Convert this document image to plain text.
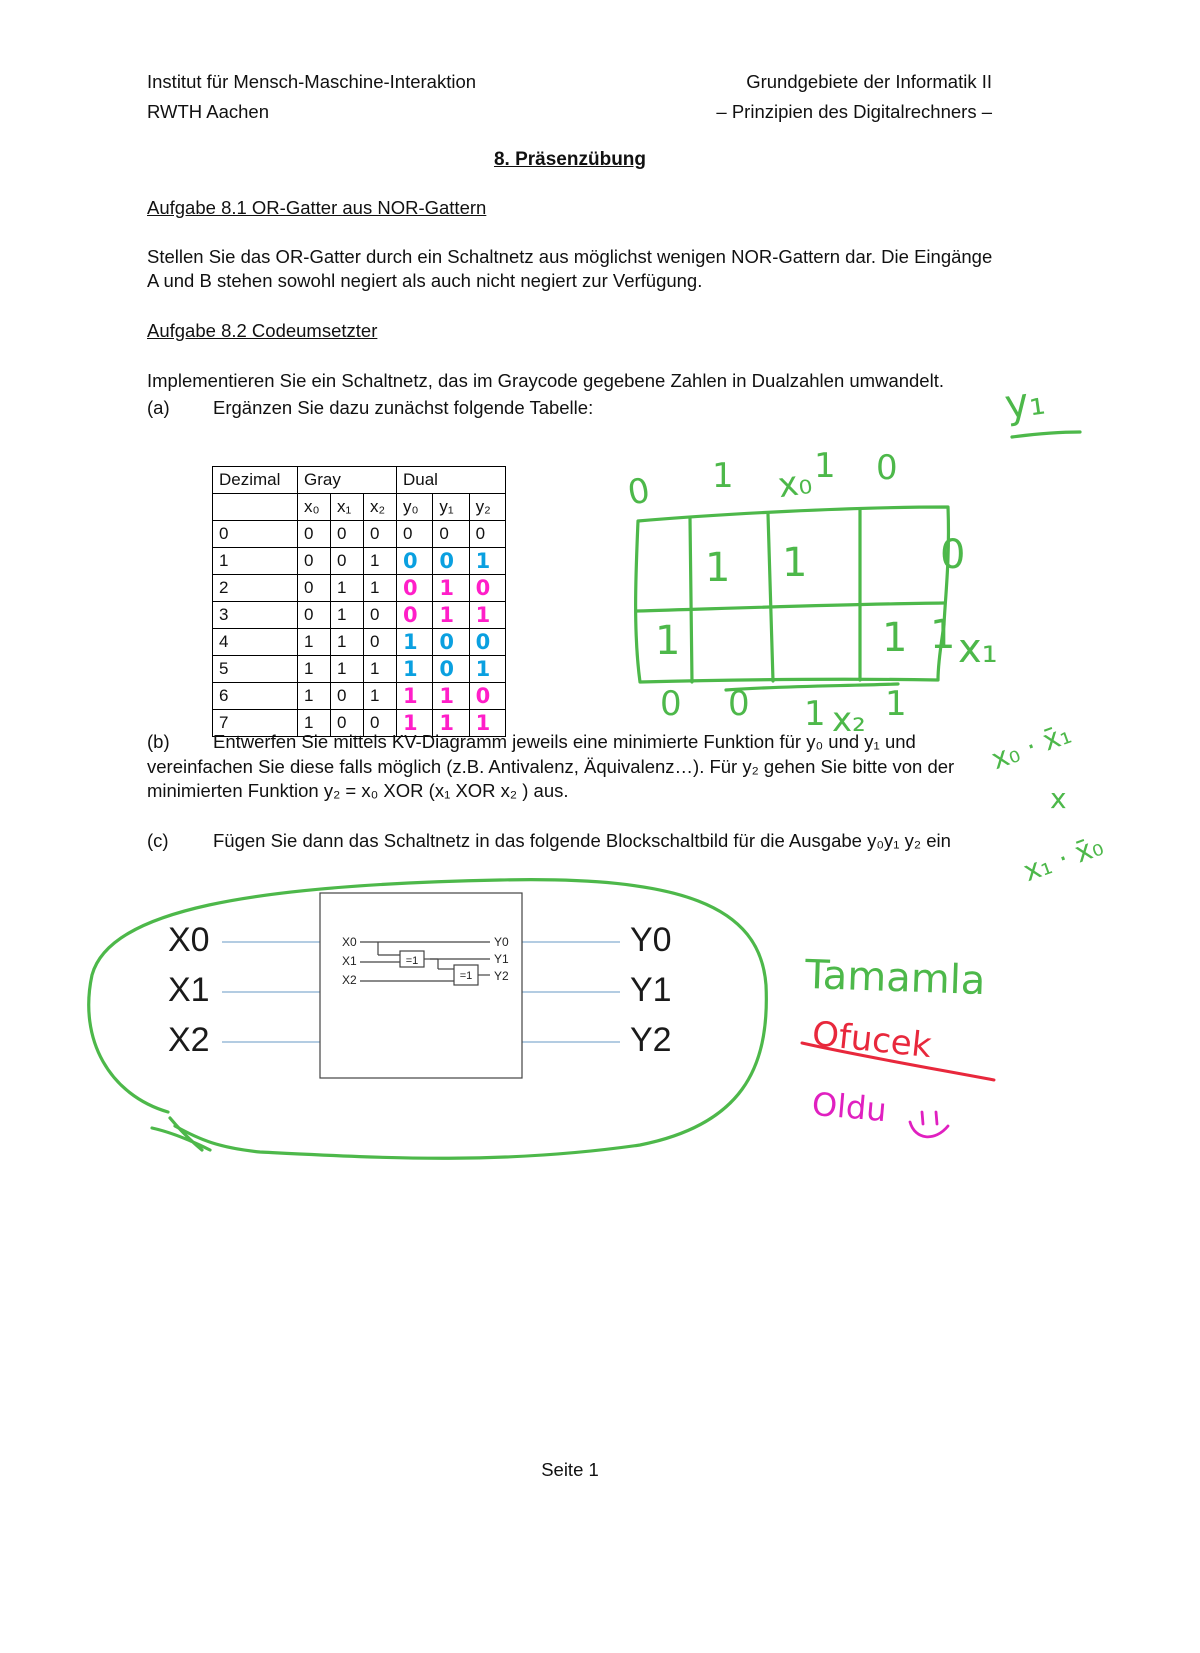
Institut für Mensch-Maschine-Interaktion
RWTH Aachen
Grundgebiete der Informatik II
– Prinzipien des Digitalrechners –
8. Präsenzübung
Aufgabe 8.1 OR-Gatter aus NOR-Gattern
Stellen Sie das OR-Gatter durch ein Schaltnetz aus möglichst wenigen NOR-Gattern dar. Die Eingänge
A und B stehen sowohl negiert als auch nicht negiert zur Verfügung.
Aufgabe 8.2 Codeumsetzter
Implementieren Sie ein Schaltnetz, das im Graycode gegebene Zahlen in Dualzahlen umwandelt.
(a) Ergänzen Sie dazu zunächst folgende Tabelle:
Dezimal	Gray			Dual		
	x₀	x₁	x₂	y₀	y₁	y₂
0	0	0	0	0	0	0
1	0	0	1	0	0	1
2	0	1	1	0	1	0
3	0	1	0	0	1	1
4	1	1	0	1	0	0
5	1	1	1	1	0	1
6	1	0	1	1	1	0
7	1	0	0	1	1	1
0 1 x₀ 1 0
1 1	0
1	1 1 x₁
0 0 1 x₂ 1
y₁
x₀ · x̄₁
x
x₁ · x̄₀
(b) Entwerfen Sie mittels KV-Diagramm jeweils eine minimierte Funktion für y₀ und y₁ und
vereinfachen Sie diese falls möglich (z.B. Antivalenz, Äquivalenz…). Für y₂ gehen Sie bitte von der
minimierten Funktion y₂ = x₀ XOR (x₁ XOR x₂ ) aus.
(c) Fügen Sie dann das Schaltnetz in das folgende Blockschaltbild für die Ausgabe y₀y₁ y₂ ein
=1
=1
X0
X1
X2
Y0
Y1
Y2
X0
X1
X2
Y0
Y1
Y2	Tamamla
Ofucek
Oldu
Seite 1
